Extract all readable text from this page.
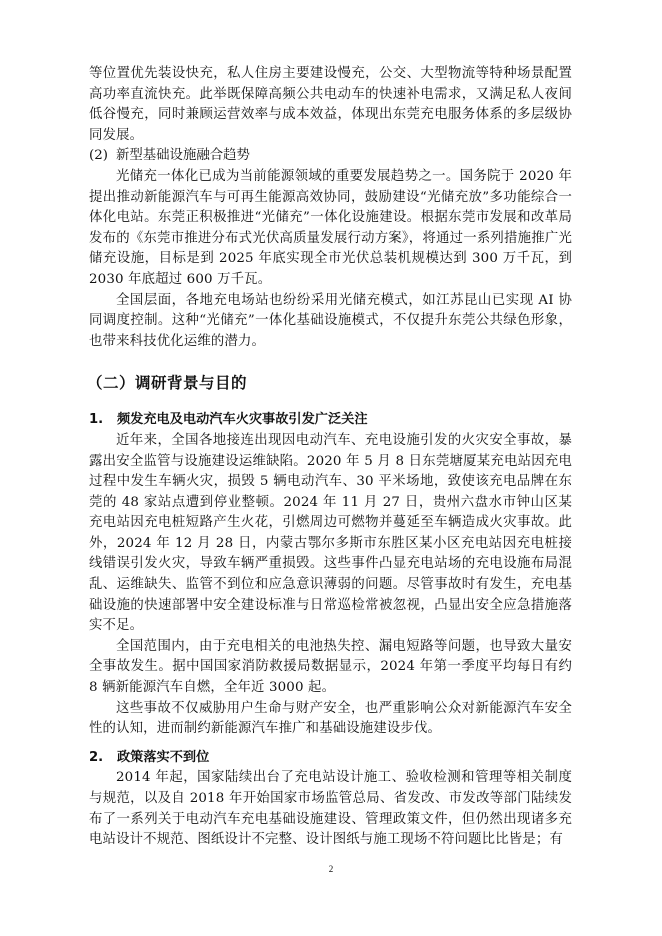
等位置优先装设快充，私人住房主要建设慢充，公交、大型物流等特种场景配置高功率直流快充。此举既保障高频公共电动车的快速补电需求，又满足私人夜间低谷慢充，同时兼顾运营效率与成本效益，体现出东莞充电服务体系的多层级协同发展。

(2) 新型基础设施融合趋势

光储充一体化已成为当前能源领域的重要发展趋势之一。国务院于 2020 年提出推动新能源汽车与可再生能源高效协同，鼓励建设“光储充放”多功能综合一体化电站。东莞正积极推进“光储充”一体化设施建设。根据东莞市发展和改革局发布的《东莞市推进分布式光伏高质量发展行动方案》，将通过一系列措施推广光储充设施，目标是到 2025 年底实现全市光伏总装机规模达到 300 万千瓦，到 2030 年底超过 600 万千瓦。

全国层面，各地充电场站也纷纷采用光储充模式，如江苏昆山已实现 AI 协同调度控制。这种“光储充”一体化基础设施模式，不仅提升东莞公共绿色形象，也带来科技优化运维的潜力。

（二）调研背景与目的

1. 频发充电及电动汽车火灾事故引发广泛关注

近年来，全国各地接连出现因电动汽车、充电设施引发的火灾安全事故，暴露出安全监管与设施建设运维缺陷。2020 年 5 月 8 日东莞塘厦某充电站因充电过程中发生车辆火灾，损毁 5 辆电动汽车、30 平米场地，致使该充电品牌在东莞的 48 家站点遭到停业整顿。2024 年 11 月 27 日，贵州六盘水市钟山区某充电站因充电桩短路产生火花，引燃周边可燃物并蔓延至车辆造成火灾事故。此外，2024 年 12 月 28 日，内蒙古鄂尔多斯市东胜区某小区充电站因充电桩接线错误引发火灾，导致车辆严重损毁。这些事件凸显充电站场的充电设施布局混乱、运维缺失、监管不到位和应急意识薄弱的问题。尽管事故时有发生，充电基础设施的快速部署中安全建设标准与日常巡检常被忽视，凸显出安全应急措施落实不足。

全国范围内，由于充电相关的电池热失控、漏电短路等问题，也导致大量安全事故发生。据中国国家消防救援局数据显示，2024 年第一季度平均每日有约 8 辆新能源汽车自燃，全年近 3000 起。

这些事故不仅威胁用户生命与财产安全，也严重影响公众对新能源汽车安全性的认知，进而制约新能源汽车推广和基础设施建设步伐。

2. 政策落实不到位

2014 年起，国家陆续出台了充电站设计施工、验收检测和管理等相关制度与规范，以及自 2018 年开始国家市场监管总局、省发改、市发改等部门陆续发布了一系列关于电动汽车充电基础设施建设、管理政策文件，但仍然出现诸多充电站设计不规范、图纸设计不完整、设计图纸与施工现场不符问题比比皆是；有

2
